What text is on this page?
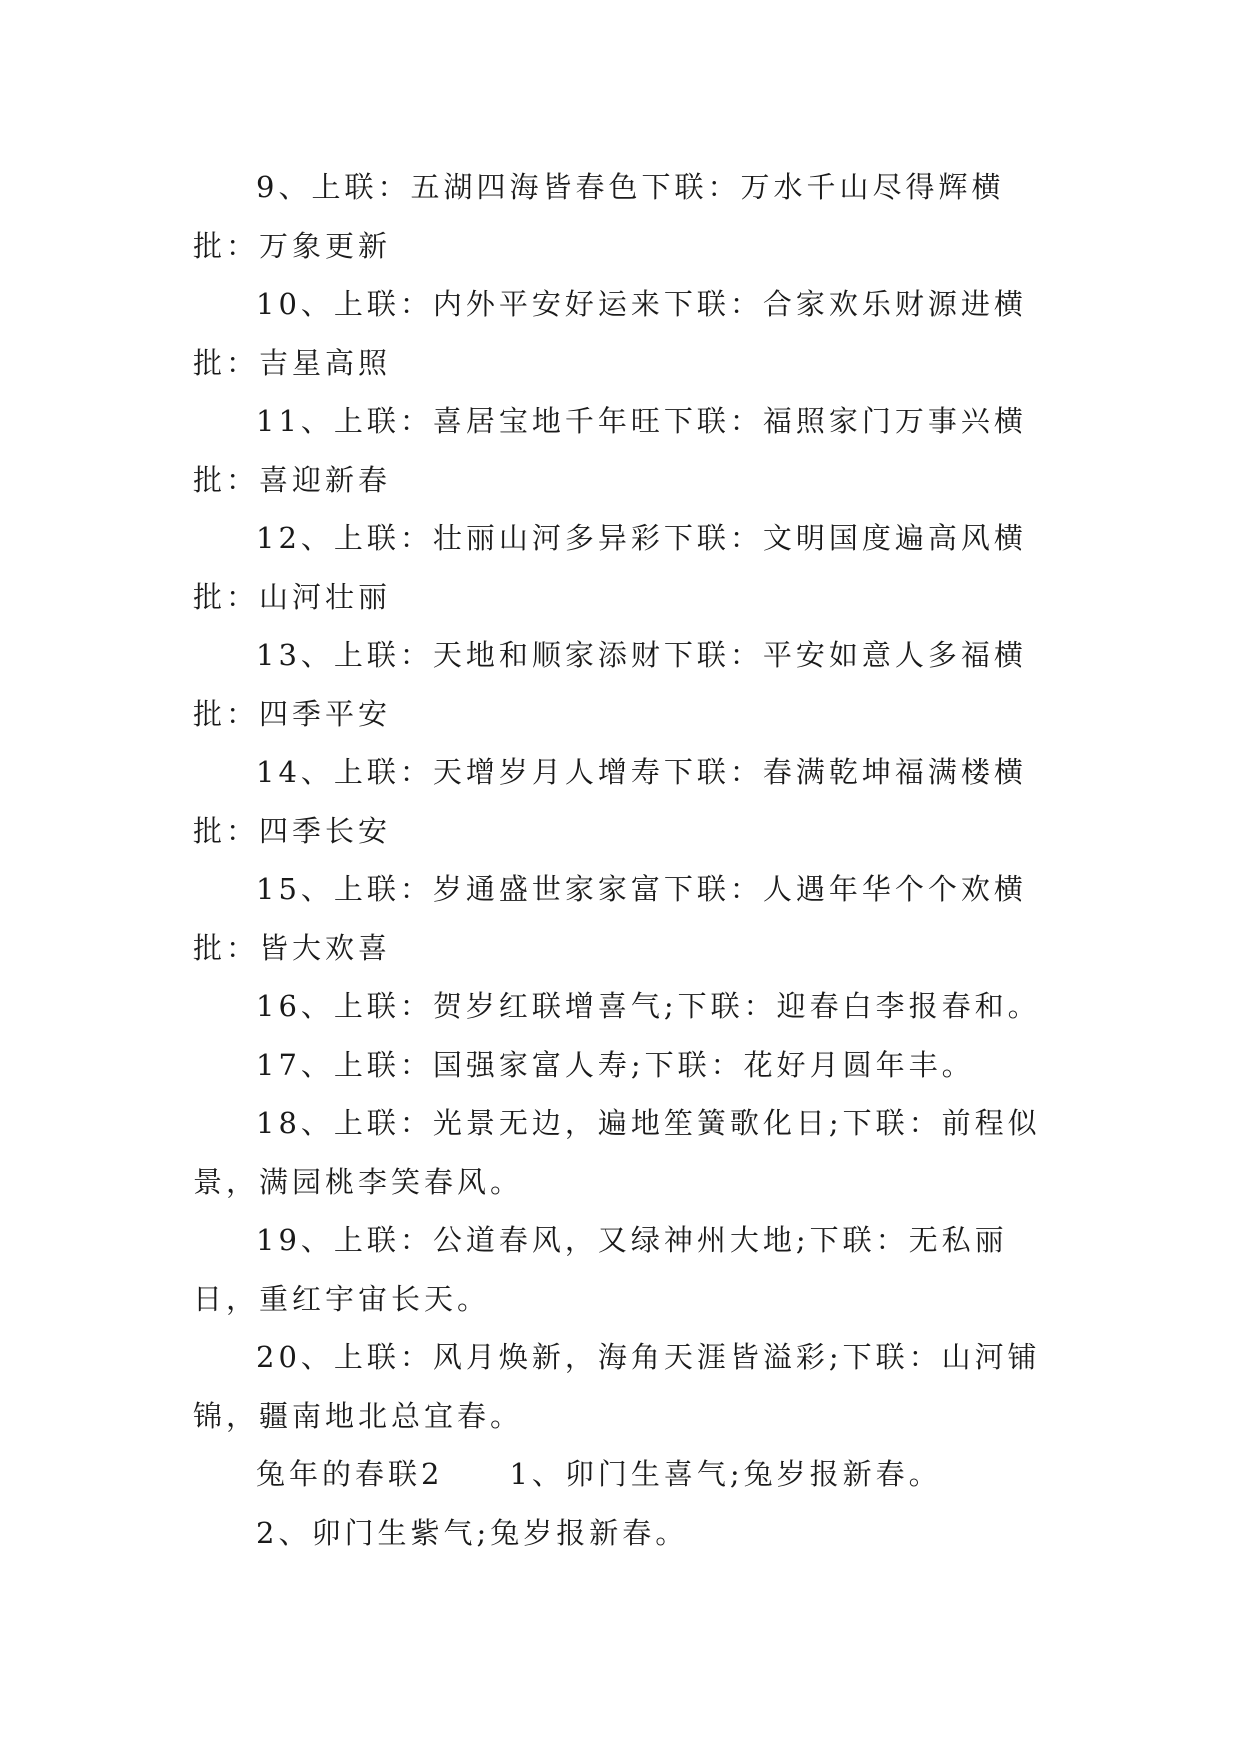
9、上联：五湖四海皆春色下联：万水千山尽得辉横批：万象更新

10、上联：内外平安好运来下联：合家欢乐财源进横批：吉星高照

11、上联：喜居宝地千年旺下联：福照家门万事兴横批：喜迎新春

12、上联：壮丽山河多异彩下联：文明国度遍高风横批：山河壮丽

13、上联：天地和顺家添财下联：平安如意人多福横批：四季平安

14、上联：天增岁月人增寿下联：春满乾坤福满楼横批：四季长安

15、上联：岁通盛世家家富下联：人遇年华个个欢横批：皆大欢喜

16、上联：贺岁红联增喜气;下联：迎春白李报春和。

17、上联：国强家富人寿;下联：花好月圆年丰。

18、上联：光景无边，遍地笙簧歌化日;下联：前程似景，满园桃李笑春风。

19、上联：公道春风，又绿神州大地;下联：无私丽日，重红宇宙长天。

20、上联：风月焕新，海角天涯皆溢彩;下联：山河铺锦，疆南地北总宜春。

兔年的春联2　　1、卯门生喜气;兔岁报新春。

2、卯门生紫气;兔岁报新春。
